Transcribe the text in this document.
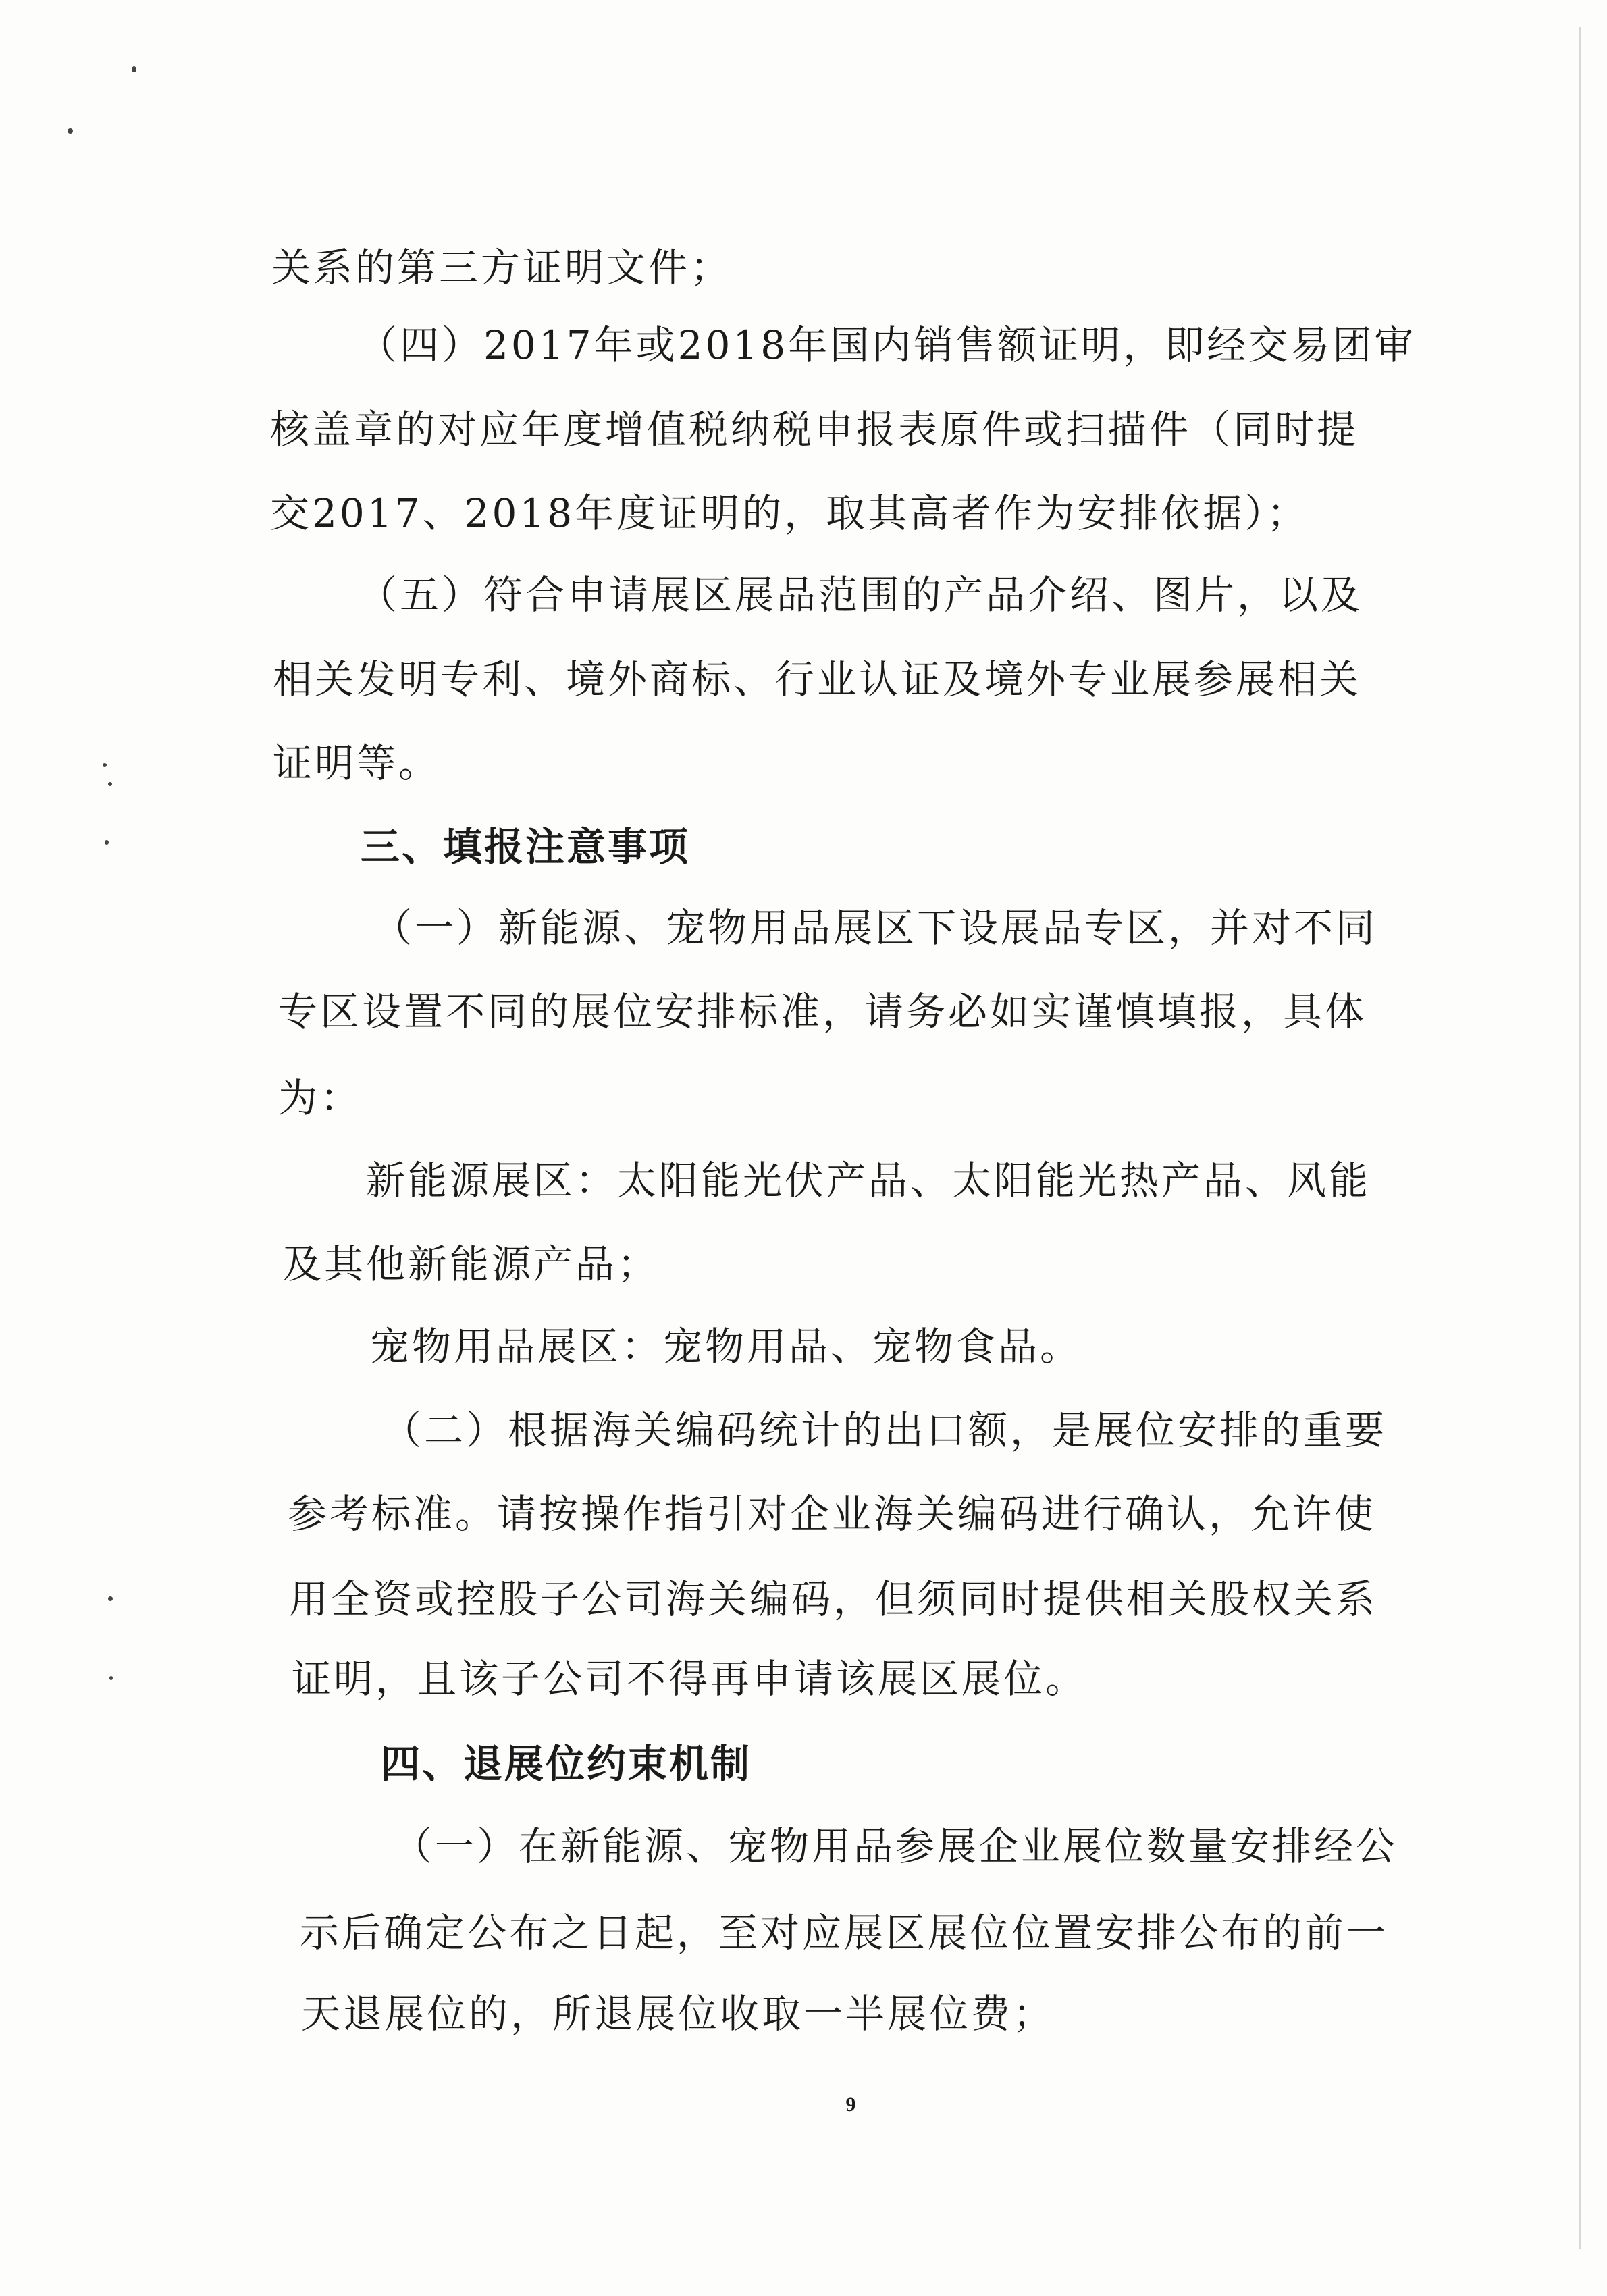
关系的第三方证明文件；
（四）2017年或2018年国内销售额证明，即经交易团审
核盖章的对应年度增值税纳税申报表原件或扫描件（同时提
交2017、2018年度证明的，取其高者作为安排依据）；
（五）符合申请展区展品范围的产品介绍、图片，以及
相关发明专利、境外商标、行业认证及境外专业展参展相关
证明等。
三、填报注意事项
（一）新能源、宠物用品展区下设展品专区，并对不同
专区设置不同的展位安排标准，请务必如实谨慎填报，具体
为：
新能源展区：太阳能光伏产品、太阳能光热产品、风能
及其他新能源产品；
宠物用品展区：宠物用品、宠物食品。
（二）根据海关编码统计的出口额，是展位安排的重要
参考标准。请按操作指引对企业海关编码进行确认，允许使
用全资或控股子公司海关编码，但须同时提供相关股权关系
证明，且该子公司不得再申请该展区展位。
四、退展位约束机制
（一）在新能源、宠物用品参展企业展位数量安排经公
示后确定公布之日起，至对应展区展位位置安排公布的前一
天退展位的，所退展位收取一半展位费；
9
